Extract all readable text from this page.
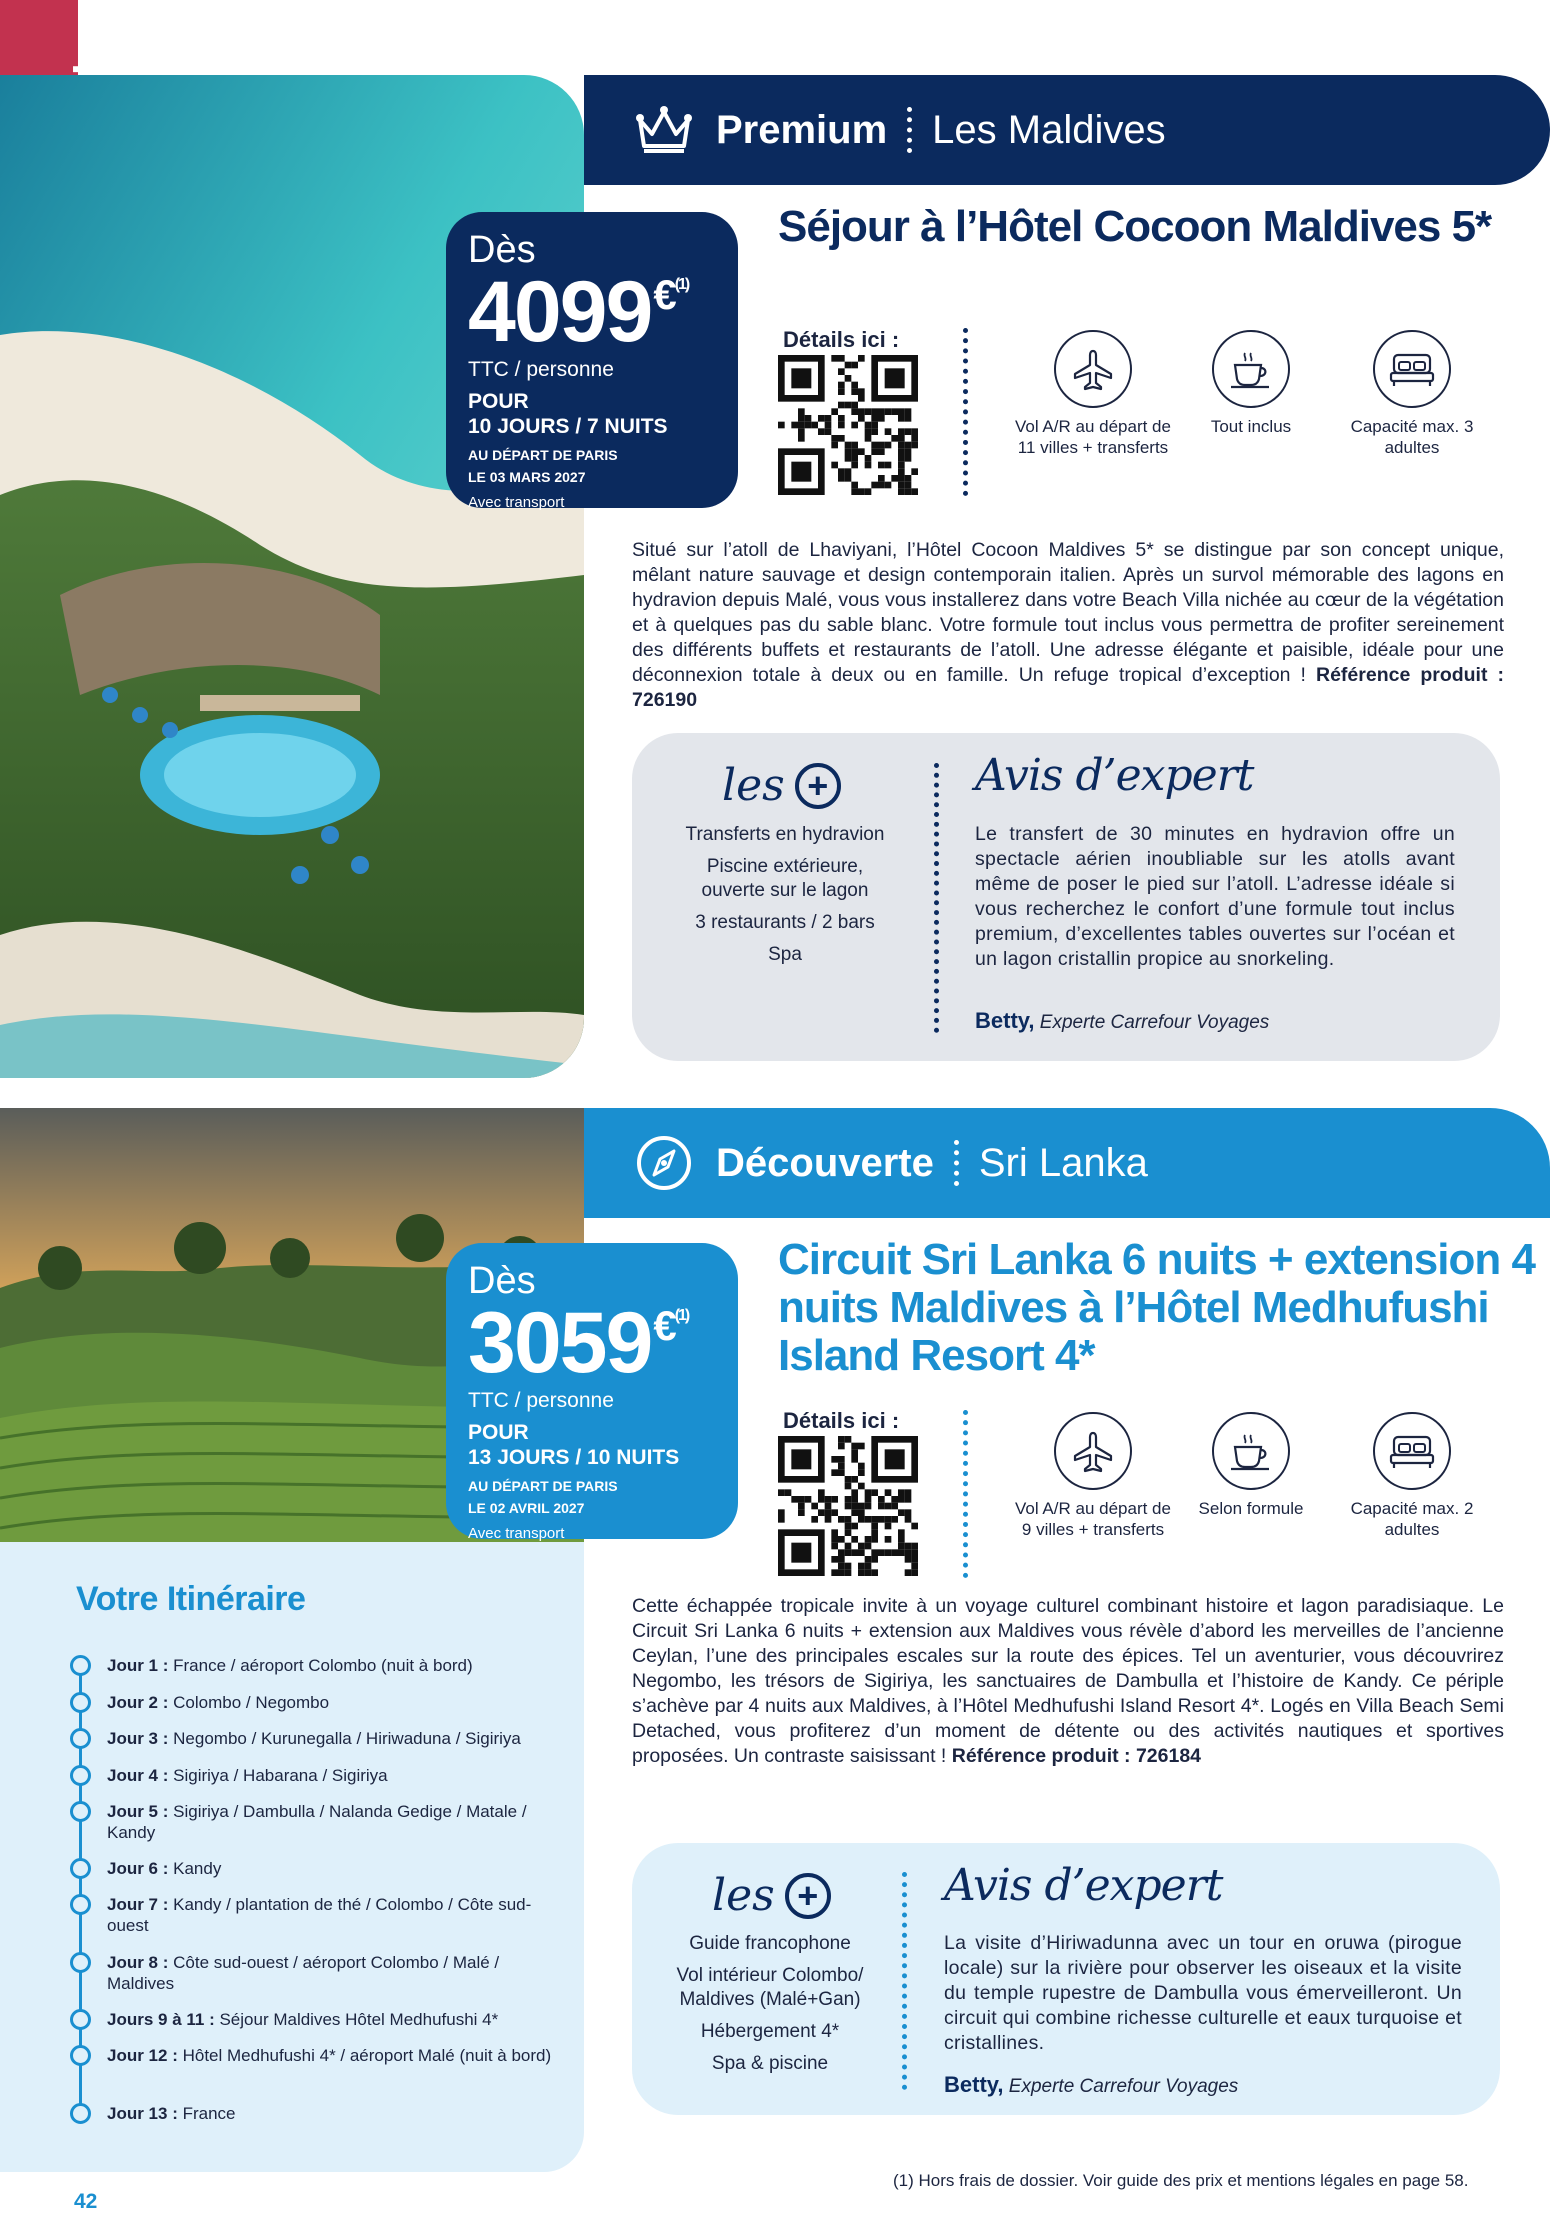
Premium Les Maldives
Dès
4099 € (1)
TTC / personne
POUR
10 JOURS / 7 NUITS
AU DÉPART DE PARIS
LE 03 MARS 2027
Avec transport
Séjour à l’Hôtel Cocoon Maldives 5*
Détails ici :
Vol A/R au départ de 11 villes + transferts
Tout inclus	Capacité max. 3 adultes
Situé sur l’atoll de Lhaviyani, l’Hôtel Cocoon Maldives 5* se distingue par son concept unique, mêlant nature sauvage et design contemporain italien. Après un survol mémorable des lagons en hydravion depuis Malé, vous vous installerez dans votre Beach Villa nichée au cœur de la végétation et à quelques pas du sable blanc. Votre formule tout inclus vous permettra de profiter sereinement des différents buffets et restaurants de l’atoll. Une adresse élégante et paisible, idéale pour une déconnexion totale à deux ou en famille. Un refuge tropical d’exception ! Référence produit : 726190
les +
Transferts en hydravion
Piscine extérieure, ouverte sur le lagon
3 restaurants / 2 bars
Spa
Avis d’expert
Le transfert de 30 minutes en hydravion offre un spectacle aérien inoubliable sur les atolls avant même de poser le pied sur l’atoll. L’adresse idéale si vous recherchez le confort d’une formule tout inclus premium, d’excellentes tables ouvertes sur l’océan et un lagon cristallin propice au snorkeling.
Betty, Experte Carrefour Voyages
Découverte Sri Lanka
Dès
3059 € (1)
TTC / personne
POUR
13 JOURS / 10 NUITS
AU DÉPART DE PARIS
LE 02 AVRIL 2027
Avec transport
Circuit Sri Lanka 6 nuits + extension 4 nuits Maldives à l’Hôtel Medhufushi Island Resort 4*
Détails ici :
Vol A/R au départ de 9 villes + transferts
Selon formule	Capacité max. 2 adultes
Cette échappée tropicale invite à un voyage culturel combinant histoire et lagon paradisiaque. Le Circuit Sri Lanka 6 nuits + extension aux Maldives vous révèle d’abord les merveilles de l’ancienne Ceylan, l’une des principales escales sur la route des épices. Tel un aventurier, vous découvrirez Negombo, les trésors de Sigiriya, les sanctuaires de Dambulla et l’histoire de Kandy. Ce périple s’achève par 4 nuits aux Maldives, à l’Hôtel Medhufushi Island Resort 4*. Logés en Villa Beach Semi Detached, vous profiterez d’un moment de détente ou des activités nautiques et sportives proposées. Un contraste saisissant ! Référence produit : 726184
les +
Guide francophone
Vol intérieur Colombo/ Maldives (Malé+Gan)
Hébergement 4*
Spa & piscine
Avis d’expert
La visite d’Hiriwadunna avec un tour en oruwa (pirogue locale) sur la rivière pour observer les oiseaux et la visite du temple rupestre de Dambulla vous émerveilleront. Un circuit qui combine richesse culturelle et eaux turquoise et cristallines.
Betty, Experte Carrefour Voyages
Votre Itinéraire
Jour 1 : France / aéroport Colombo (nuit à bord)
Jour 2 : Colombo / Negombo
Jour 3 : Negombo / Kurunegalla / Hiriwaduna / Sigiriya
Jour 4 : Sigiriya / Habarana / Sigiriya
Jour 5 : Sigiriya / Dambulla / Nalanda Gedige / Matale / Kandy
Jour 6 : Kandy
Jour 7 : Kandy / plantation de thé / Colombo / Côte sud-ouest
Jour 8 : Côte sud-ouest / aéroport Colombo / Malé / Maldives
Jours 9 à 11 : Séjour Maldives Hôtel Medhufushi 4*
Jour 12 : Hôtel Medhufushi 4* / aéroport Malé (nuit à bord)
Jour 13 : France
(1) Hors frais de dossier. Voir guide des prix et mentions légales en page 58.
42
